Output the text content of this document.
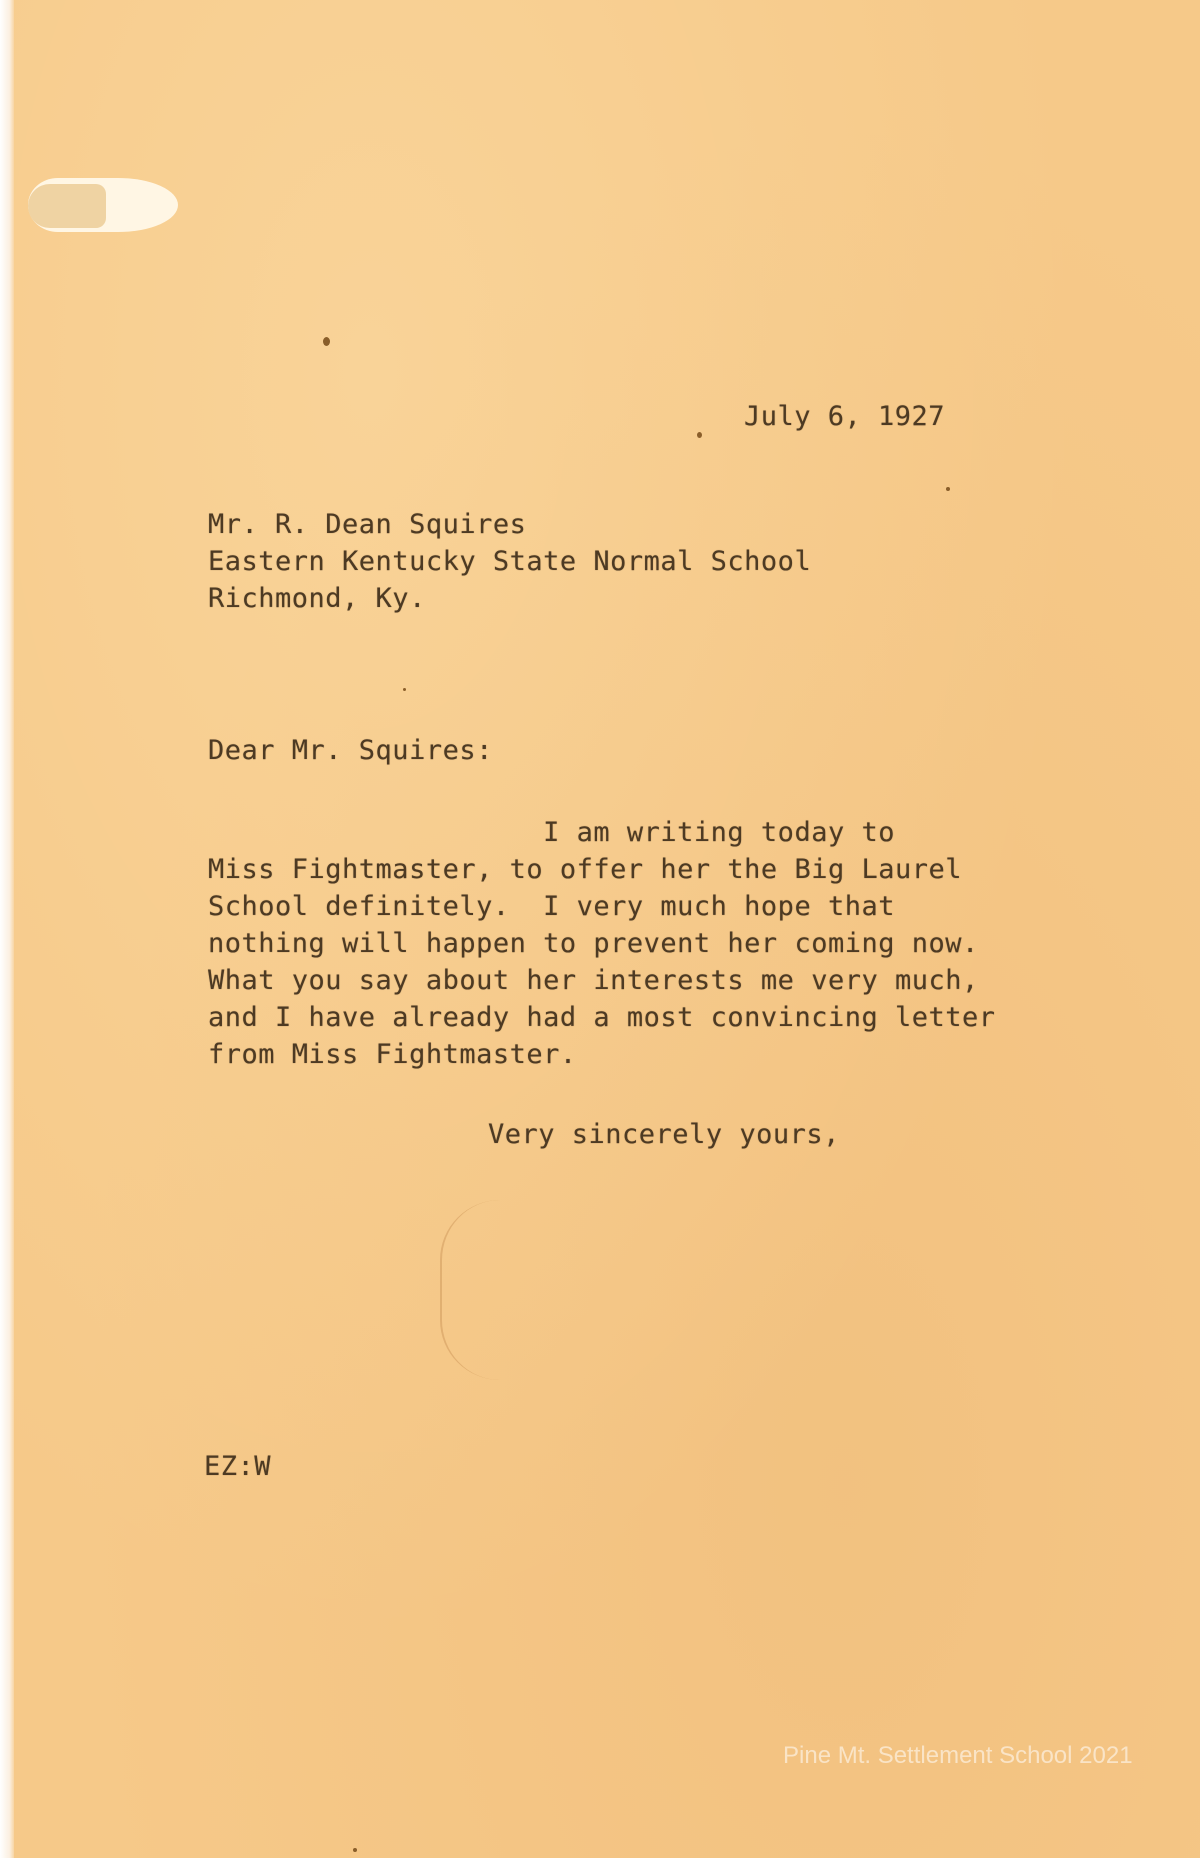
July 6, 1927
Mr. R. Dean Squires
Eastern Kentucky State Normal School
Richmond, Ky.
Dear Mr. Squires:
I am writing today to
Miss Fightmaster, to offer her the Big Laurel
School definitely.  I very much hope that
nothing will happen to prevent her coming now.
What you say about her interests me very much,
and I have already had a most convincing letter
from Miss Fightmaster.
Very sincerely yours,
EZ:W
Pine Mt. Settlement School 2021
